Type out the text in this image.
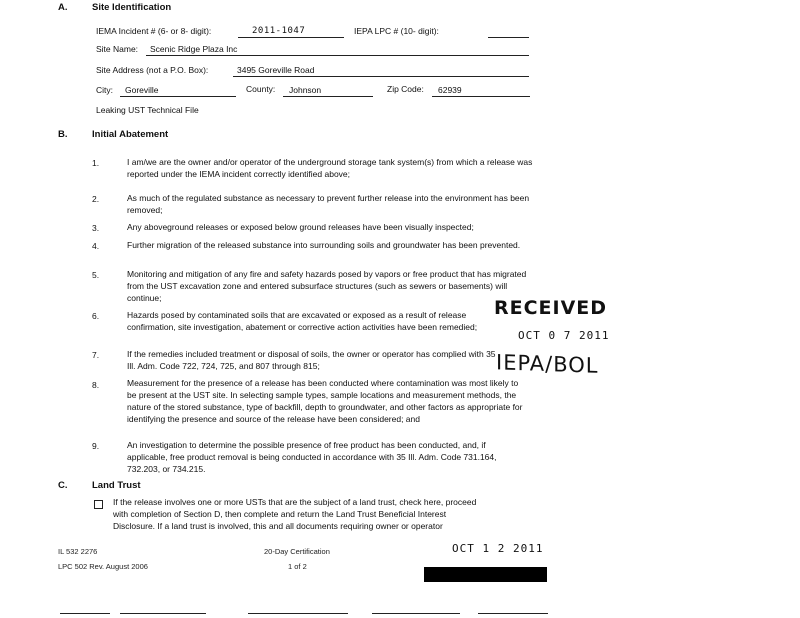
A.	Site Identification
IEMA Incident # (6- or 8- digit):	2011-1047	IEPA LPC # (10- digit):
Site Name: Scenic Ridge Plaza Inc
Site Address (not a P.O. Box):	3495 Goreville Road
City: Goreville	County: Johnson	Zip Code: 62939
Leaking UST Technical File
B.	Initial Abatement
1.	I am/we are the owner and/or operator of the underground storage tank system(s) from which a release was reported under the IEMA incident correctly identified above;
2.	As much of the regulated substance as necessary to prevent further release into the environment has been removed;
3.	Any aboveground releases or exposed below ground releases have been visually inspected;
4.	Further migration of the released substance into surrounding soils and groundwater has been prevented.
5.	Monitoring and mitigation of any fire and safety hazards posed by vapors or free product that has migrated from the UST excavation zone and entered subsurface structures (such as sewers or basements) will continue;
6.	Hazards posed by contaminated soils that are excavated or exposed as a result of release confirmation, site investigation, abatement or corrective action activities have been remedied;
7.	If the remedies included treatment or disposal of soils, the owner or operator has complied with 35 Ill. Adm. Code 722, 724, 725, and 807 through 815;
8.	Measurement for the presence of a release has been conducted where contamination was most likely to be present at the UST site. In selecting sample types, sample locations and measurement methods, the nature of the stored substance, type of backfill, depth to groundwater, and other factors as appropriate for identifying the presence and source of the release have been considered; and
9.	An investigation to determine the possible presence of free product has been conducted, and, if applicable, free product removal is being conducted in accordance with 35 Ill. Adm. Code 731.164, 732.203, or 734.215.
RECEIVED
OCT 0 7 2011
IEPA/BOL
C.	Land Trust
If the release involves one or more USTs that are the subject of a land trust, check here, proceed
with completion of Section D, then complete and return the Land Trust Beneficial Interest
Disclosure. If a land trust is involved, this and all documents requiring owner or operator
OCT 1 2 2011
IL 532 2276
LPC 502 Rev. August 2006
20-Day Certification
1 of 2
